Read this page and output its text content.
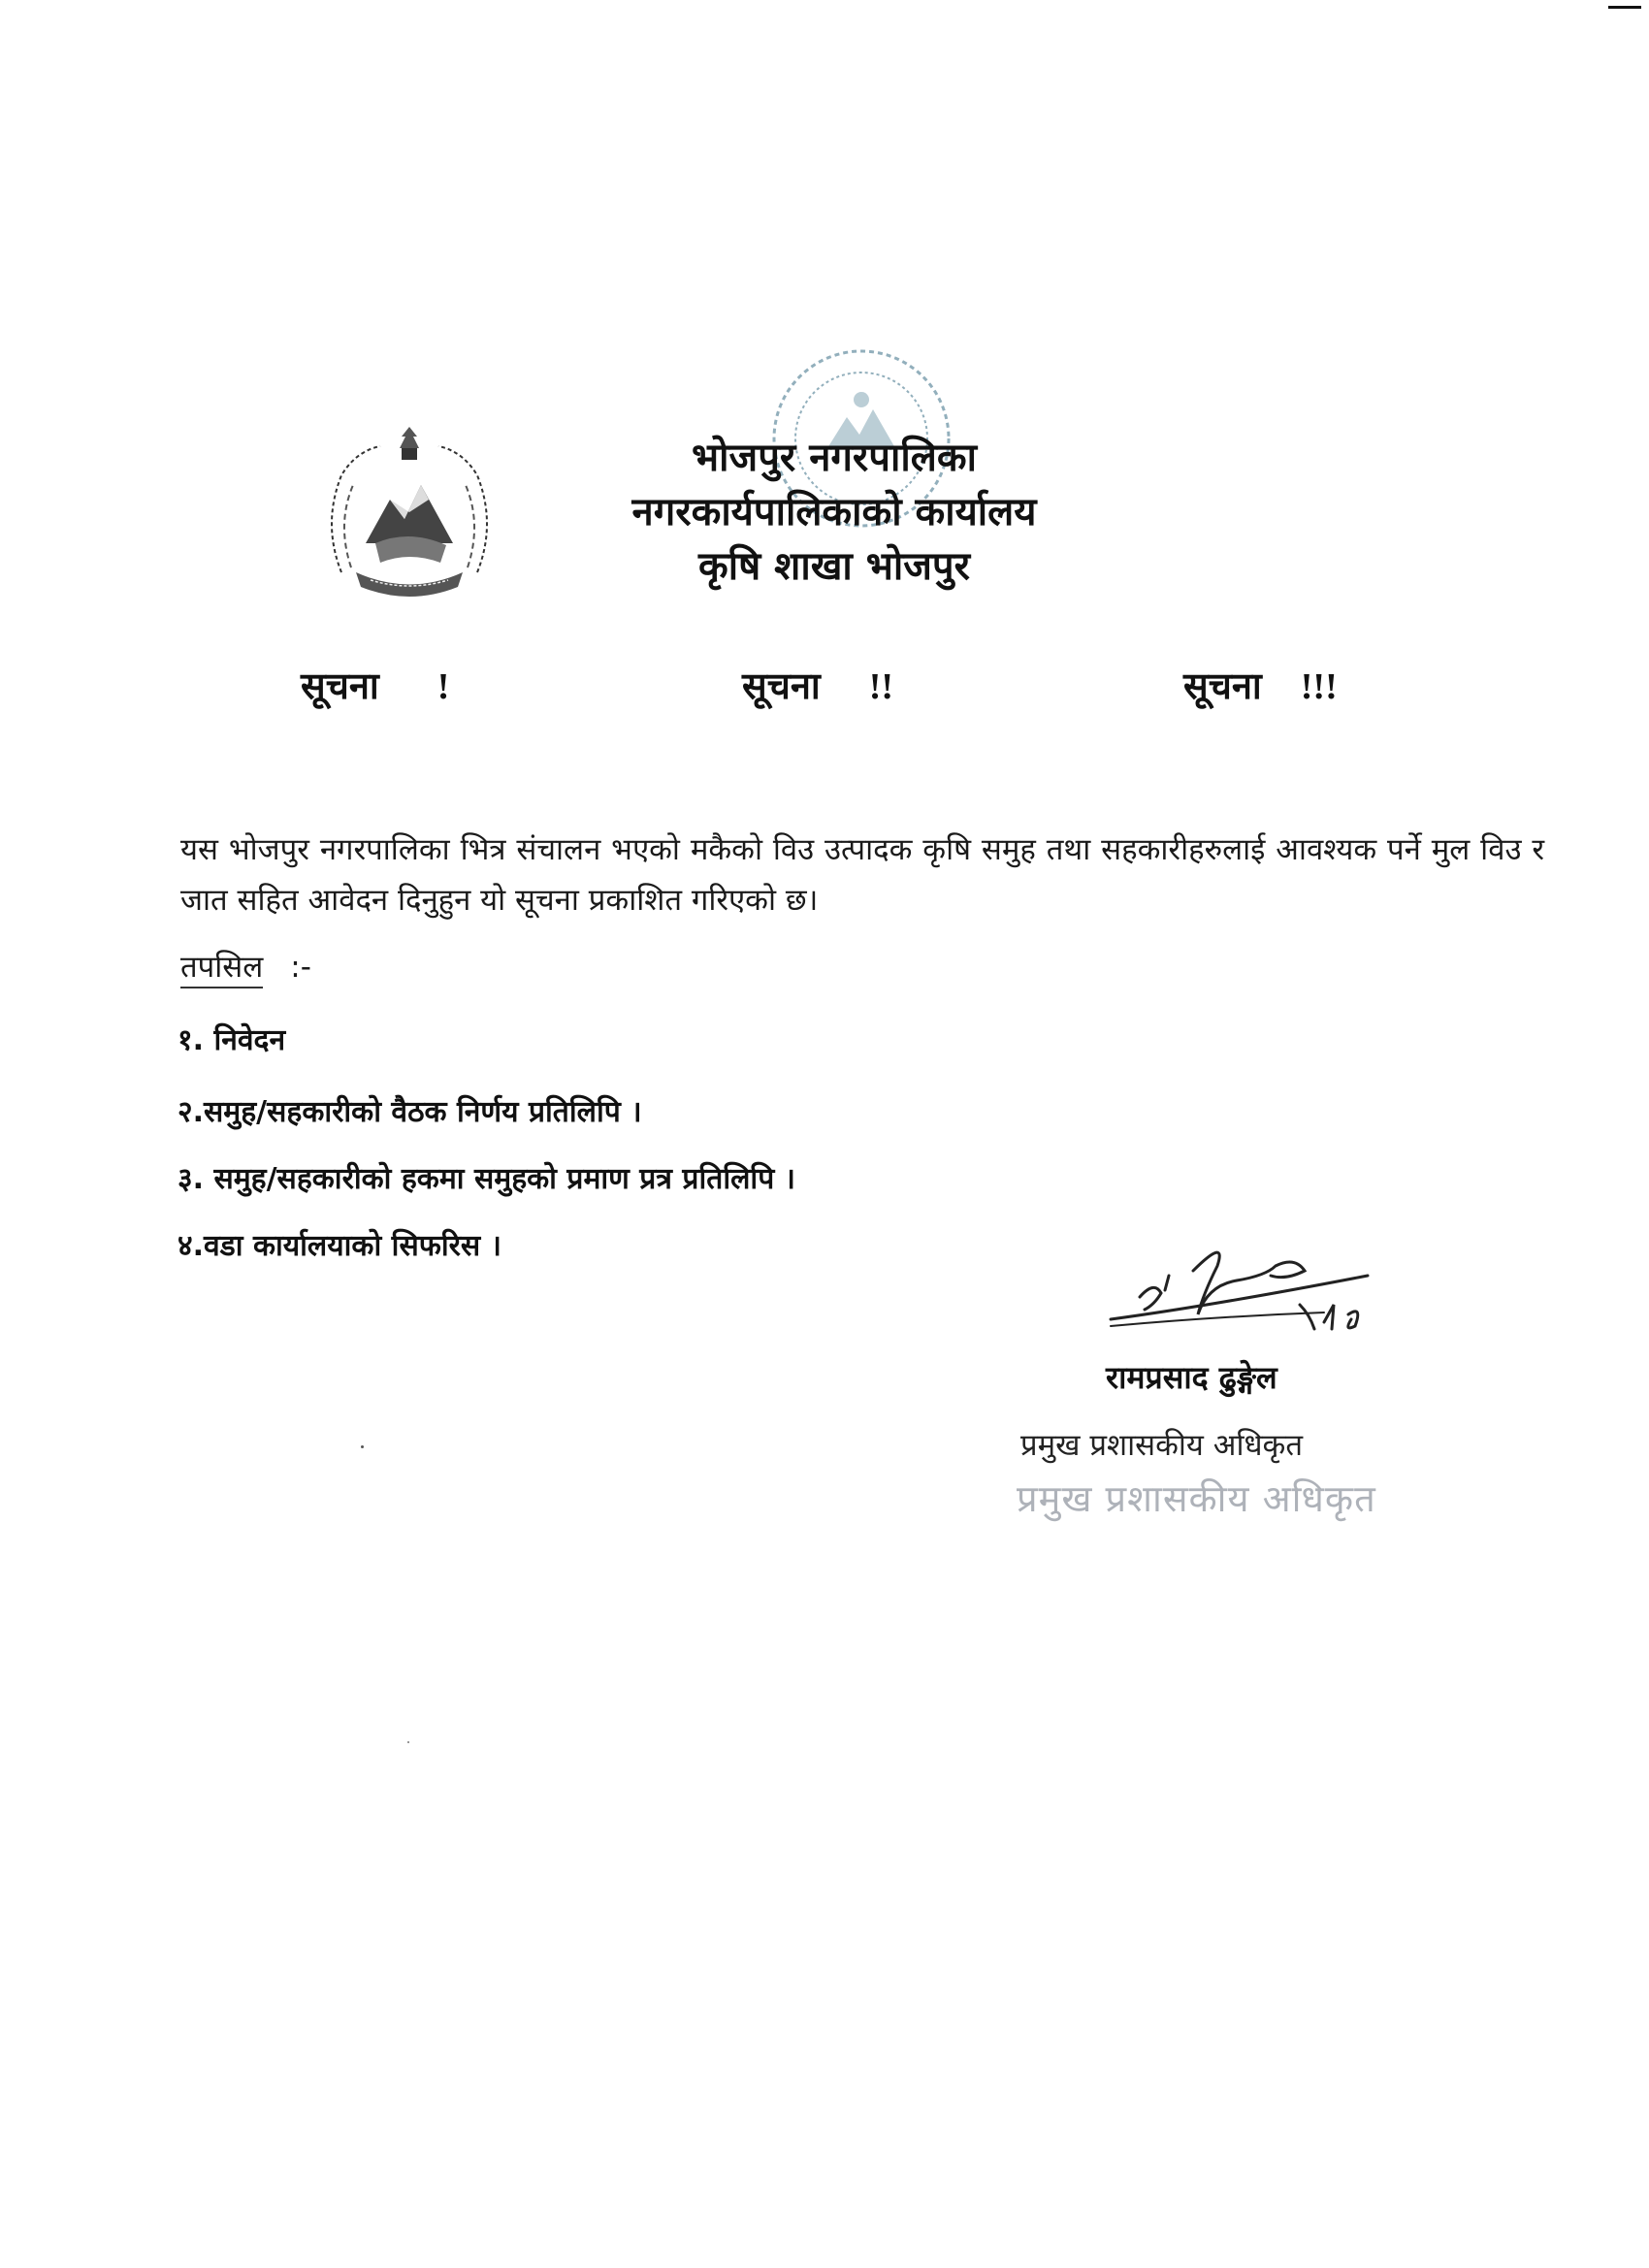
भोजपुर नगरपालिका
नगरकार्यपालिकाको कार्यालय
कृषि शाखा भोजपुर
सूचना !	सूचना !!	सूचना !!!
यस भोजपुर नगरपालिका भित्र संचालन भएको मकैको विउ उत्पादक कृषि समुह तथा सहकारीहरुलाई आवश्यक पर्ने मुल विउ र जात सहित आवेदन दिनुहुन यो सूचना प्रकाशित गरिएको छ।
तपसिल :-
१. निवेदन
२.समुह/सहकारीको वैठक निर्णय प्रतिलिपि ।
३. समुह/सहकारीको हकमा समुहको प्रमाण प्रत्र प्रतिलिपि ।
४.वडा कार्यालयाको सिफरिस ।
रामप्रसाद ढुङ्गेल
प्रमुख प्रशासकीय अधिकृत
प्रमुख प्रशासकीय अधिकृत
